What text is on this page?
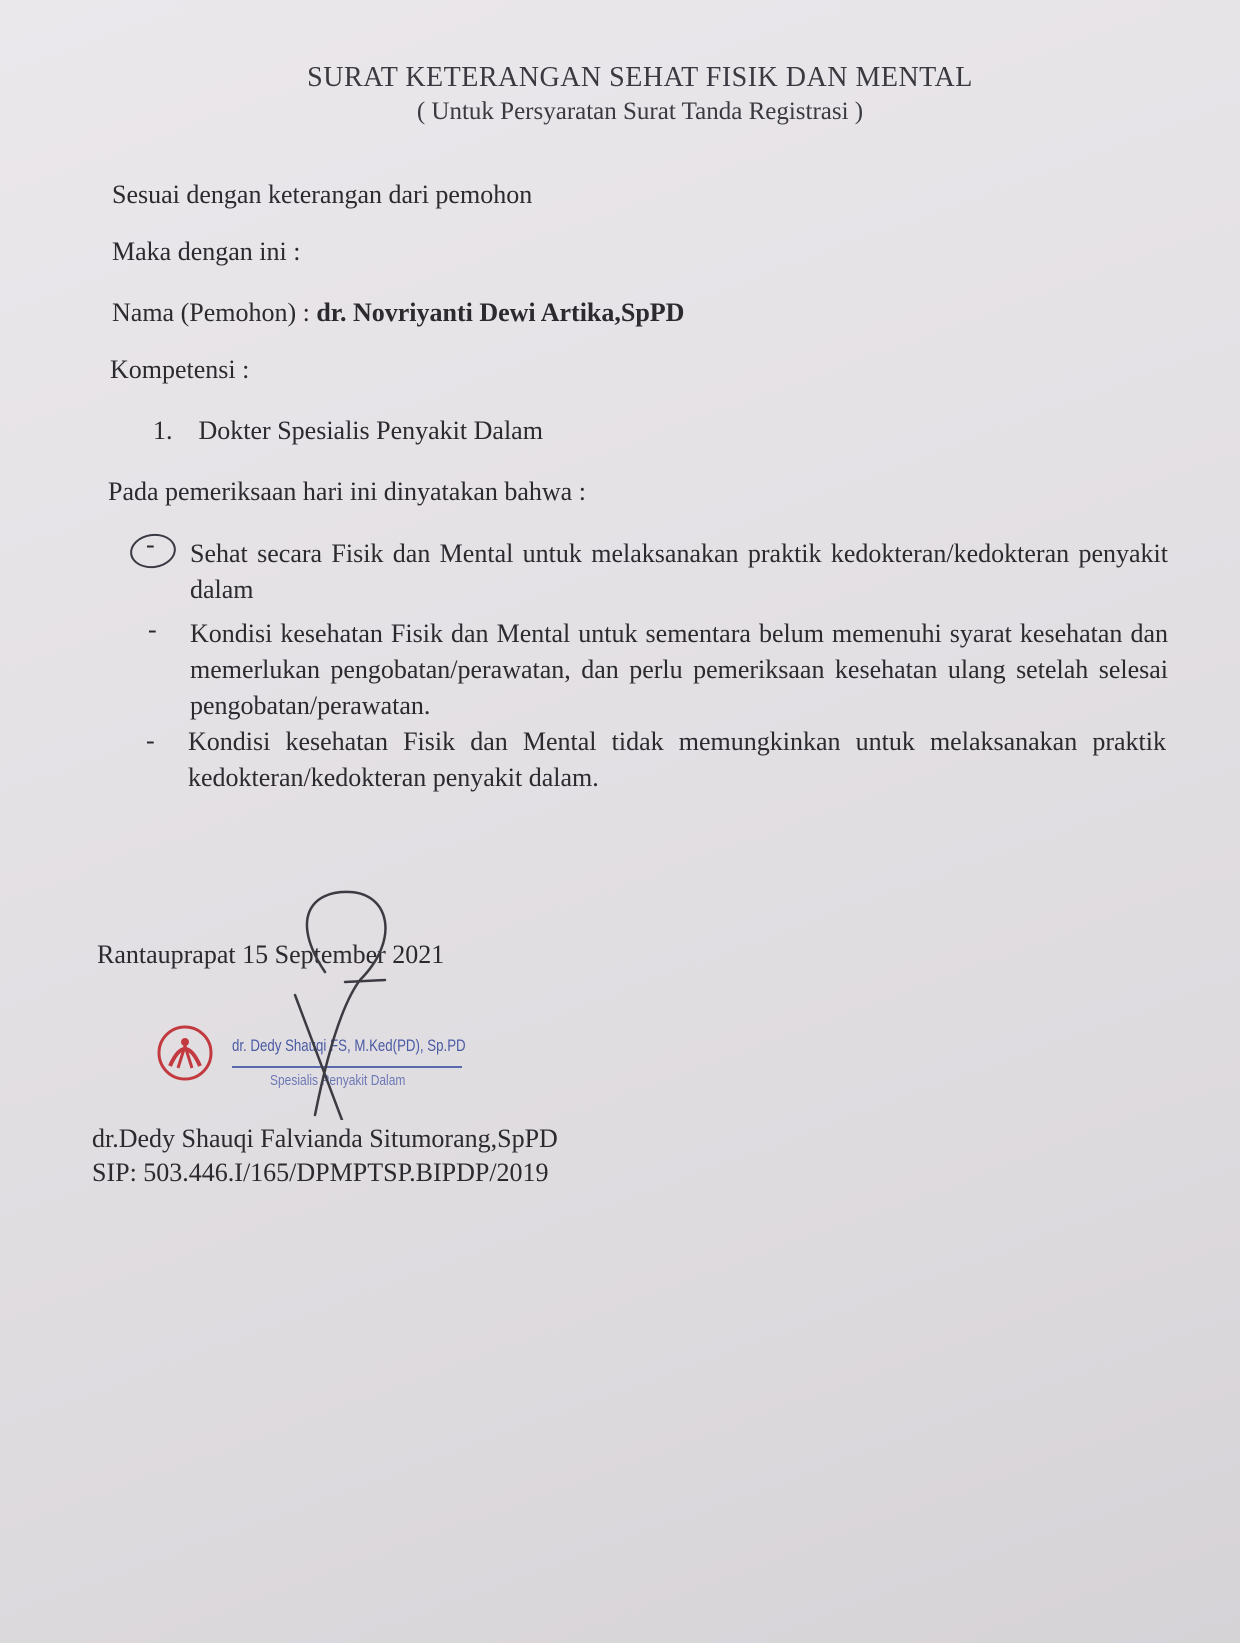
SURAT KETERANGAN SEHAT FISIK DAN MENTAL
( Untuk Persyaratan Surat Tanda Registrasi )
Sesuai dengan keterangan dari pemohon
Maka dengan ini :
Nama (Pemohon) : dr. Novriyanti Dewi Artika,SpPD
Kompetensi :
1. Dokter Spesialis Penyakit Dalam
Pada pemeriksaan hari ini dinyatakan bahwa :
- Sehat secara Fisik dan Mental untuk melaksanakan praktik kedokteran/kedokteran penyakit dalam
- Kondisi kesehatan Fisik dan Mental untuk sementara belum memenuhi syarat kesehatan dan memerlukan pengobatan/perawatan, dan perlu pemeriksaan kesehatan ulang setelah selesai pengobatan/perawatan.
- Kondisi kesehatan Fisik dan Mental tidak memungkinkan untuk melaksanakan praktik kedokteran/kedokteran penyakit dalam.
Rantauprapat 15 September 2021
dr. Dedy Shauqi FS, M.Ked(PD), Sp.PD
Spesialis Penyakit Dalam
dr.Dedy Shauqi Falvianda Situmorang,SpPD
SIP: 503.446.I/165/DPMPTSP.BIPDP/2019
